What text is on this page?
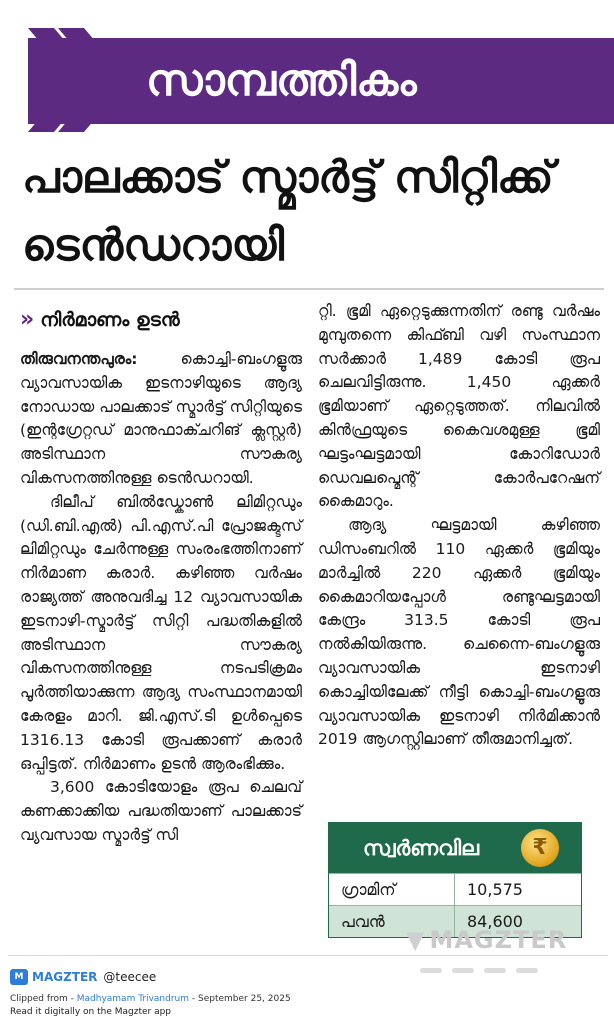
സാമ്പത്തികം
പാലക്കാട് സ്മാർട്ട് സിറ്റിക്ക്
ടെൻഡറായി
» നിർമാണം ഉടൻ

തിരുവനന്തപുരം:	കൊച്ചി-ബംഗളൂരു വ്യാവസായിക ഇടനാഴിയുടെ ആദ്യ നോഡായ പാലക്കാട് സ്മാർട്ട് സിറ്റിയുടെ (ഇന്റഗ്രേറ്റഡ് മാനുഫാക്ചറിങ് ക്ലസ്റ്റർ) അടിസ്ഥാന സൗകര്യ വികസനത്തിനുള്ള ടെൻഡറായി.

ദിലീപ് ബിൽഡ്കോൺ ലിമിറ്റഡും (ഡി.ബി.എൽ) പി.എസ്.പി പ്രോജക്ടസ് ലിമിറ്റഡും ചേർന്നുള്ള സംരംഭത്തിനാണ് നിർമാണ കരാർ. കഴിഞ്ഞ വർഷം രാജ്യത്ത് അനുവദിച്ച 12 വ്യാവസായിക ഇടനാഴി-സ്മാർട്ട് സിറ്റി പദ്ധതികളിൽ അടിസ്ഥാന സൗകര്യ വികസനത്തിനുള്ള നടപടിക്രമം പൂർത്തിയാക്കുന്ന ആദ്യ സംസ്ഥാനമായി കേരളം മാറി. ജി.എസ്.ടി ഉൾപ്പെടെ 1316.13 കോടി രൂപക്കാണ് കരാർ ഒപ്പിട്ടത്. നിർമാണം ഉടൻ ആരംഭിക്കും.

3,600 കോടിയോളം രൂപ ചെലവ് കണക്കാക്കിയ പദ്ധതിയാണ് പാലക്കാട് വ്യവസായ സ്മാർട്ട് സി

റ്റി. ഭൂമി ഏറ്റെടുക്കുന്നതിന് രണ്ടു വർഷം മുമ്പുതന്നെ കിഫ്ബി വഴി സംസ്ഥാന സർക്കാർ 1,489 കോടി രൂപ ചെലവിട്ടിരുന്നു. 1,450 ഏക്കർ ഭൂമിയാണ് ഏറ്റെടുത്തത്. നിലവിൽ കിൻഫ്രയുടെ കൈവശമുള്ള ഭൂമി ഘട്ടംഘട്ടമായി കോറിഡോർ ഡെവലപ്മെന്റ് കോർപറേഷന് കൈമാറും.

ആദ്യ ഘട്ടമായി കഴിഞ്ഞ ഡിസംബറിൽ 110 ഏക്കർ ഭൂമിയും മാർച്ചിൽ 220 ഏക്കർ ഭൂമിയും കൈമാറിയപ്പോൾ രണ്ടുഘട്ടമായി കേന്ദ്രം 313.5 കോടി രൂപ നൽകിയിരുന്നു. ചെന്നൈ-ബംഗളൂരു വ്യാവസായിക ഇടനാഴി കൊച്ചിയിലേക്ക് നീട്ടി കൊച്ചി-ബംഗളൂരു വ്യാവസായിക ഇടനാഴി നിർമിക്കാൻ 2019 ആഗസ്റ്റിലാണ് തീരുമാനിച്ചത്.

സ്വർണവില	₹
ഗ്രാമിന്	10,575
പവൻ	84,600
▼ MAGZTER
M MAGZTER @teecee
Clipped from - Madhyamam Trivandrum - September 25, 2025
Read it digitally on the Magzter app
